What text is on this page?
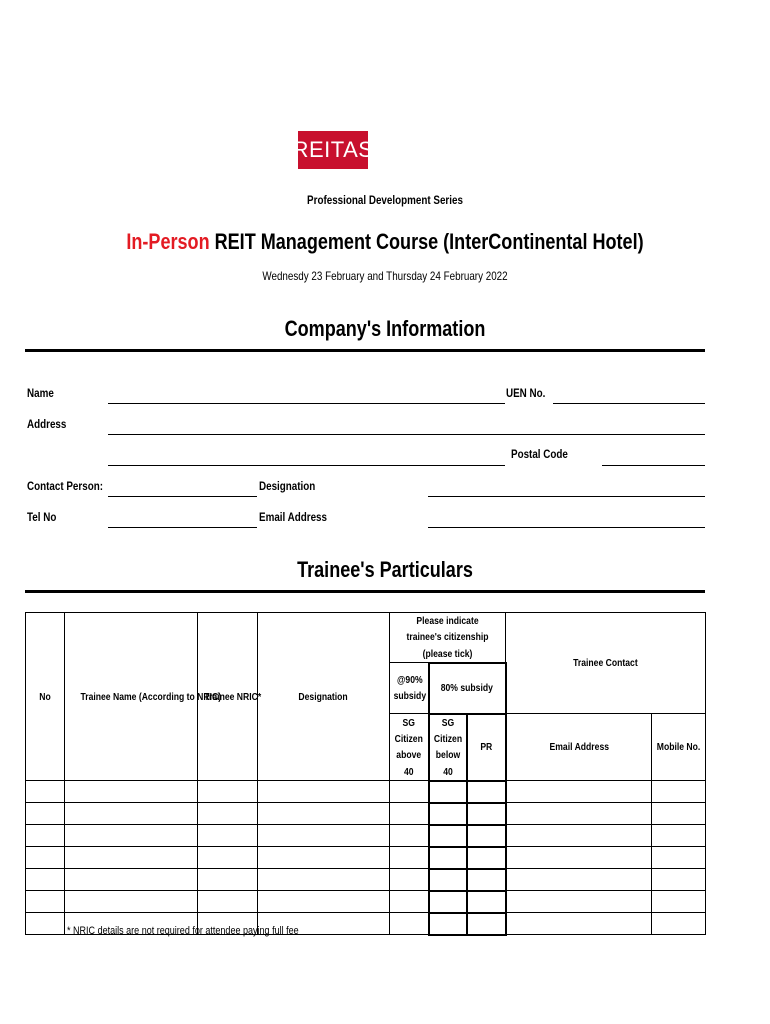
REITAS
Professional Development Series
In-Person REIT Management Course (InterContinental Hotel)
Wednesdy 23 February and Thursday 24 February 2022
Company's Information
Name	UEN No.
Address
Postal Code
Contact Person:	Designation
Tel No	Email Address
Trainee's Particulars
No	Trainee Name (According to NRIC)	Trainee NRIC*	Designation	Please indicate trainee's citizenship (please tick)			Trainee Contact	
				@90% subsidy	80% subsidy			
				SG Citizen above 40	SG Citizen below 40	PR	Email Address	Mobile No.

* NRIC details are not required for attendee paying full fee
